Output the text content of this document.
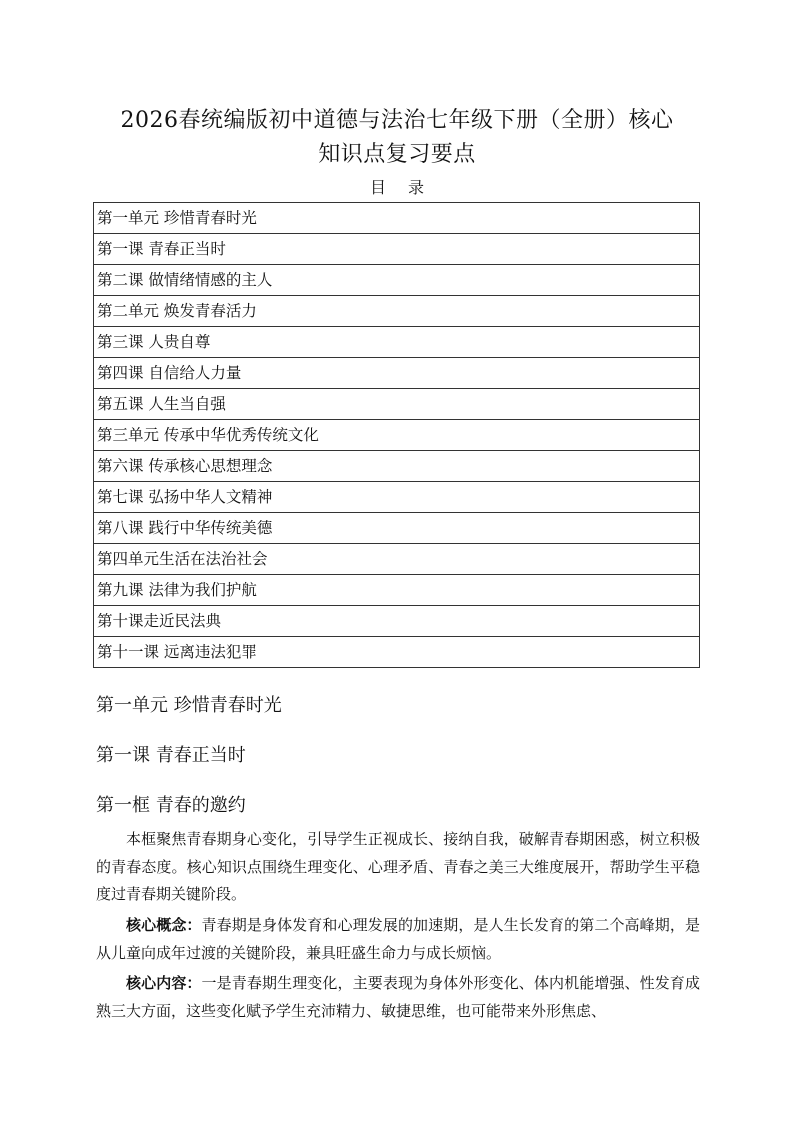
2026春统编版初中道德与法治七年级下册（全册）核心
知识点复习要点
目录
第一单元 珍惜青春时光
第一课 青春正当时
第二课 做情绪情感的主人
第二单元 焕发青春活力
第三课 人贵自尊
第四课 自信给人力量
第五课 人生当自强
第三单元 传承中华优秀传统文化
第六课 传承核心思想理念
第七课 弘扬中华人文精神
第八课 践行中华传统美德
第四单元生活在法治社会
第九课 法律为我们护航
第十课走近民法典
第十一课 远离违法犯罪
第一单元 珍惜青春时光
第一课 青春正当时
第一框 青春的邀约

本框聚焦青春期身心变化，引导学生正视成长、接纳自我，破解青春期困惑，树立积极的青春态度。核心知识点围绕生理变化、心理矛盾、青春之美三大维度展开，帮助学生平稳度过青春期关键阶段。

核心概念：青春期是身体发育和心理发展的加速期，是人生长发育的第二个高峰期，是从儿童向成年过渡的关键阶段，兼具旺盛生命力与成长烦恼。

核心内容：一是青春期生理变化，主要表现为身体外形变化、体内机能增强、性发育成熟三大方面，这些变化赋予学生充沛精力、敏捷思维，也可能带来外形焦虑、
